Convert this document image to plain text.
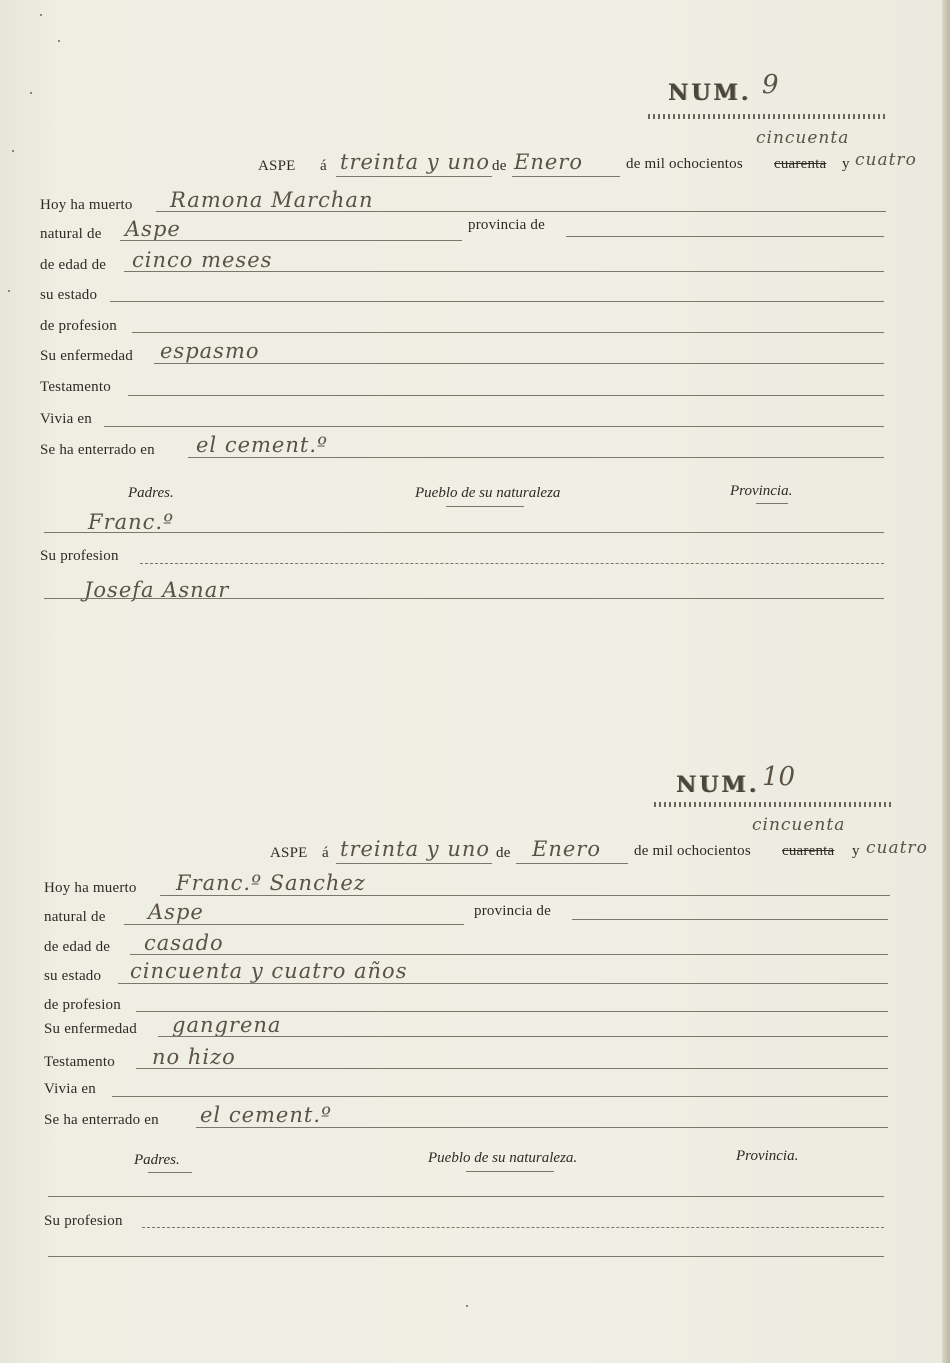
NUM. 9
cincuenta
ASPE á treinta y uno de Enero	de mil ochocientos cuarenta y cuatro
Hoy ha muerto Ramona Marchan
natural de Aspe	provincia de
de edad de cinco meses
su estado
de profesion
Su enfermedad espasmo
Testamento
Vivia en
Se ha enterrado en el cement.º
Padres.	Pueblo de su naturaleza	Provincia.
Franc.º
Su profesion
Josefa Asnar
NUM. 10
cincuenta
ASPE á treinta y uno de Enero de mil ochocientos cuarenta y cuatro
Hoy ha muerto Franc.º Sanchez
natural de Aspe	provincia de
de edad de casado
su estado cincuenta y cuatro años
de profesion
Su enfermedad gangrena
Testamento no hizo
Vivia en
Se ha enterrado en el cement.º
Padres.	Pueblo de su naturaleza.	Provincia.
Su profesion
